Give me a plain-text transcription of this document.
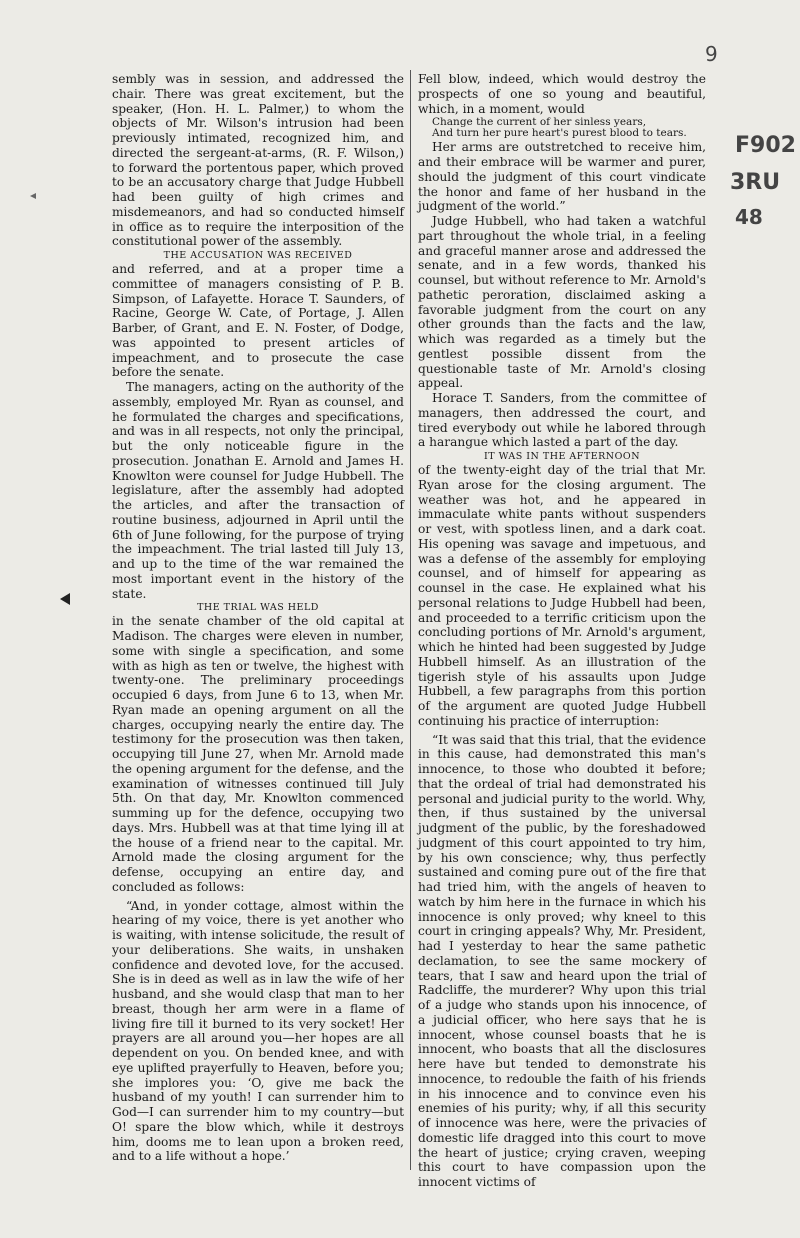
9
F902
3RU
48

sembly was in session, and addressed the chair. There was great excitement, but the speaker, (Hon. H. L. Palmer,) to whom the objects of Mr. Wilson's intrusion had been previously intimated, recognized him, and directed the sergeant-at-arms, (R. F. Wilson,) to forward the portentous paper, which proved to be an accusatory charge that Judge Hubbell had been guilty of high crimes and misdemeanors, and had so conducted himself in office as to require the interposition of the constitutional power of the assembly.

THE ACCUSATION WAS RECEIVED

and referred, and at a proper time a committee of managers consisting of P. B. Simpson, of Lafayette. Horace T. Saunders, of Racine, George W. Cate, of Portage, J. Allen Barber, of Grant, and E. N. Foster, of Dodge, was appointed to present articles of impeachment, and to prosecute the case before the senate.

The managers, acting on the authority of the assembly, employed Mr. Ryan as counsel, and he formulated the charges and specifications, and was in all respects, not only the principal, but the only noticeable figure in the prosecution. Jonathan E. Arnold and James H. Knowlton were counsel for Judge Hubbell. The legislature, after the assembly had adopted the articles, and after the transaction of routine business, adjourned in April until the 6th of June following, for the purpose of trying the impeachment. The trial lasted till July 13, and up to the time of the war remained the most important event in the history of the state.

THE TRIAL WAS HELD

in the senate chamber of the old capital at Madison. The charges were eleven in number, some with single a specification, and some with as high as ten or twelve, the highest with twenty-one. The preliminary proceedings occupied 6 days, from June 6 to 13, when Mr. Ryan made an opening argument on all the charges, occupying nearly the entire day. The testimony for the prosecution was then taken, occupying till June 27, when Mr. Arnold made the opening argument for the defense, and the examination of witnesses continued till July 5th. On that day, Mr. Knowlton commenced summing up for the defence, occupying two days. Mrs. Hubbell was at that time lying ill at the house of a friend near to the capital. Mr. Arnold made the closing argument for the defense, occupying an entire day, and concluded as follows:

“And, in yonder cottage, almost within the hearing of my voice, there is yet another who is waiting, with intense solicitude, the result of your deliberations. She waits, in unshaken confidence and devoted love, for the accused. She is in deed as well as in law the wife of her husband, and she would clasp that man to her breast, though her arm were in a flame of living fire till it burned to its very socket! Her prayers are all around you—her hopes are all dependent on you. On bended knee, and with eye uplifted prayerfully to Heaven, before you; she implores you: ‘O, give me back the husband of my youth! I can surrender him to God—I can surrender him to my country—but O! spare the blow which, while it destroys him, dooms me to lean upon a broken reed, and to a life without a hope.’

Fell blow, indeed, which would destroy the prospects of one so young and beautiful, which, in a moment, would

Change the current of her sinless years,

And turn her pure heart's purest blood to tears.

Her arms are outstretched to receive him, and their embrace will be warmer and purer, should the judgment of this court vindicate the honor and fame of her husband in the judgment of the world.”

Judge Hubbell, who had taken a watchful part throughout the whole trial, in a feeling and graceful manner arose and addressed the senate, and in a few words, thanked his counsel, but without reference to Mr. Arnold's pathetic peroration, disclaimed asking a favorable judgment from the court on any other grounds than the facts and the law, which was regarded as a timely but the gentlest possible dissent from the questionable taste of Mr. Arnold's closing appeal.

Horace T. Sanders, from the committee of managers, then addressed the court, and tired everybody out while he labored through a harangue which lasted a part of the day.

IT WAS IN THE AFTERNOON

of the twenty-eight day of the trial that Mr. Ryan arose for the closing argument. The weather was hot, and he appeared in immaculate white pants without suspenders or vest, with spotless linen, and a dark coat. His opening was savage and impetuous, and was a defense of the assembly for employing counsel, and of himself for appearing as counsel in the case. He explained what his personal relations to Judge Hubbell had been, and proceeded to a terrific criticism upon the concluding portions of Mr. Arnold's argument, which he hinted had been suggested by Judge Hubbell himself. As an illustration of the tigerish style of his assaults upon Judge Hubbell, a few paragraphs from this portion of the argument are quoted Judge Hubbell continuing his practice of interruption:

“It was said that this trial, that the evidence in this cause, had demonstrated this man's innocence, to those who doubted it before; that the ordeal of trial had demonstrated his personal and judicial purity to the world. Why, then, if thus sustained by the universal judgment of the public, by the foreshadowed judgment of this court appointed to try him, by his own conscience; why, thus perfectly sustained and coming pure out of the fire that had tried him, with the angels of heaven to watch by him here in the furnace in which his innocence is only proved; why kneel to this court in cringing appeals? Why, Mr. President, had I yesterday to hear the same pathetic declamation, to see the same mockery of tears, that I saw and heard upon the trial of Radcliffe, the murderer? Why upon this trial of a judge who stands upon his innocence, of a judicial officer, who here says that he is innocent, whose counsel boasts that he is innocent, who boasts that all the disclosures here have but tended to demonstrate his innocence, to redouble the faith of his friends in his innocence and to convince even his enemies of his purity; why, if all this security of innocence was here, were the privacies of domestic life dragged into this court to move the heart of justice; crying craven, weeping this court to have compassion upon the innocent victims of
